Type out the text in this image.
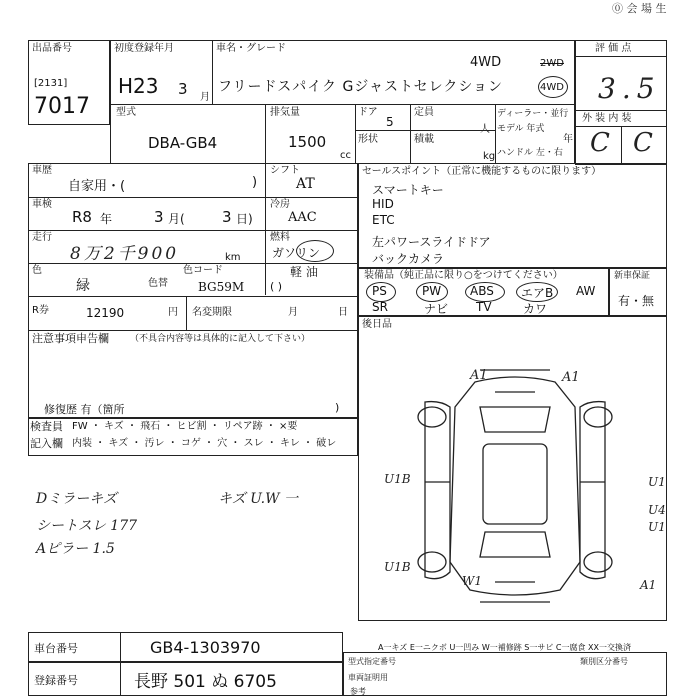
⓪ 会 場 生
出品番号
[2131]
7017
初度登録年月
H23 3 月
車名・グレード
フリードスパイク Gジャストセレクション
4WD	2WD
4WD
評 価 点
3.5
外 装 内 装
C C
型式
DBA-GB4
排気量
1500
cc
ドア
5
定員
人
形状	積載
kg
ディーラー・並行
モデル 年式
年
ハンドル 左・右
車歴
自家用・(	)
シフト
AT
車検
R8 年	3 月( 3 日)
冷房
AAC
走行
8万2千900	km
燃料
ガソリン
軽 油
( )
色
緑	色替
色コード
BG59M
R券	12190	円 名変期限	月	日
セールスポイント（正常に機能するものに限ります）
スマートキー
HID
ETC
左パワースライドドア
バックカメラ
装備品（純正品に限り○をつけてください）
PS	PW ABS エアB AW
SR	ナビ TV	カワ
新車保証
有・無
後日品
注意事項申告欄 （不具合内容等は具体的に記入して下さい）
修復歴 有（箇所	)
検査員
記入欄
FW ・ キズ ・ 飛石 ・ ヒビ割 ・ リペア跡 ・ ×要
内装 ・ キズ ・ 汚レ ・ コゲ ・ 穴 ・ スレ ・ キレ ・ 破レ
Dミラーキズ	キズ U.W 一
シートスレ 177
Aピラー 1.5
A1	A1
U1B
U1B
U1
U4
U1
A1
W1
A一キズ E一ニクボ U一凹み W一補修跡 S一サビ C一腐食 XX一交換済
車台番号	GB4-1303970
登録番号	長野 501 ぬ 6705
型式指定番号	類別区分番号
車両証明用
参考
